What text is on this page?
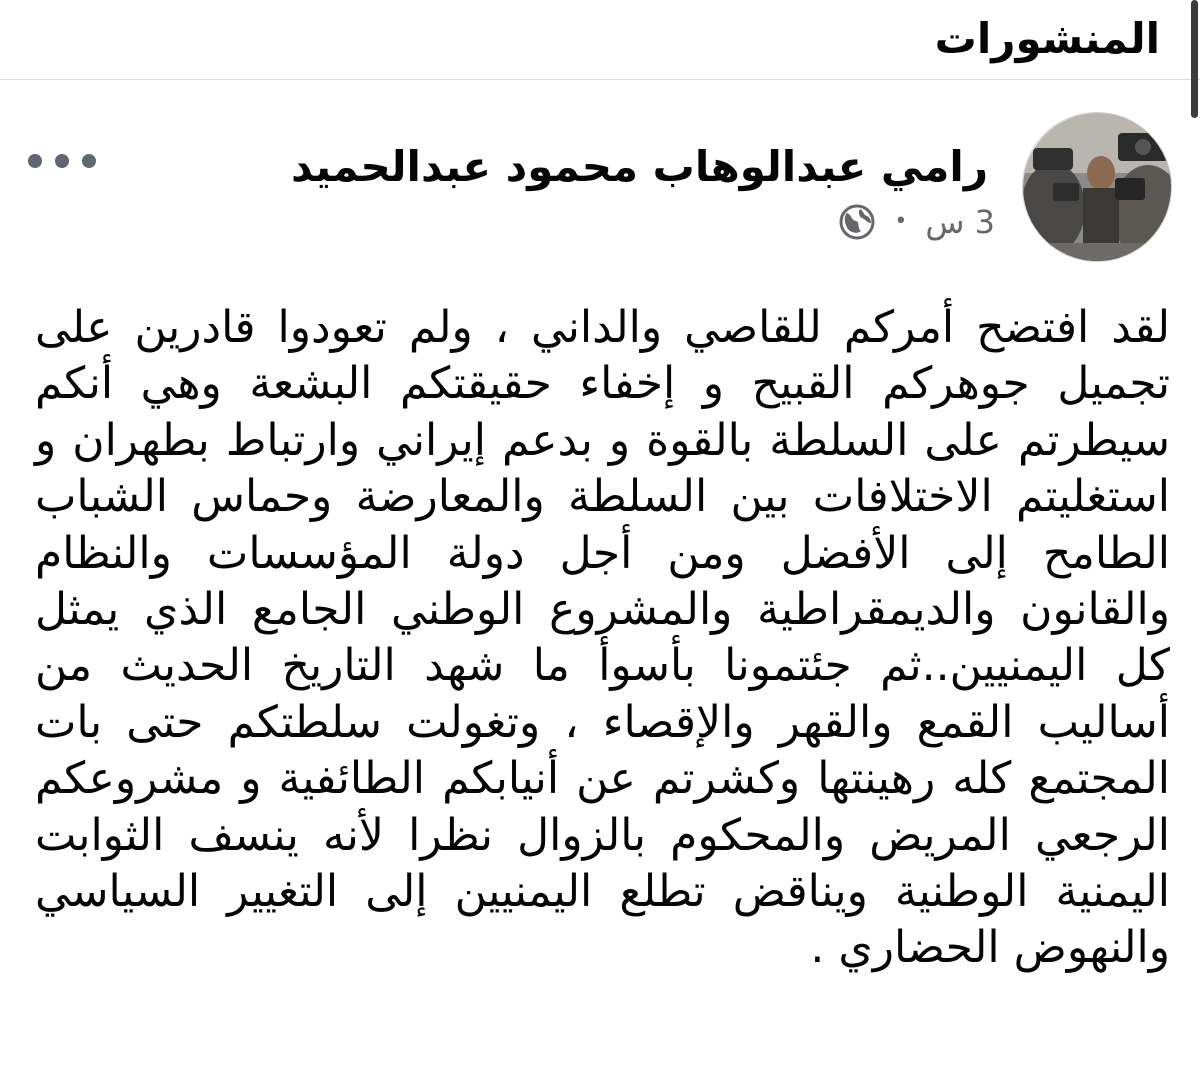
المنشورات
رامي عبدالوهاب محمود عبدالحميد
3 س
•
لقد افتضح أمركم للقاصي والداني ، ولم تعودوا قادرين على تجميل جوهركم القبيح و إخفاء حقيقتكم البشعة وهي أنكم سيطرتم على السلطة بالقوة و بدعم إيراني وارتباط بطهران و استغليتم الاختلافات بين السلطة والمعارضة وحماس الشباب الطامح إلى الأفضل ومن أجل دولة المؤسسات والنظام والقانون والديمقراطية والمشروع الوطني الجامع الذي يمثل كل اليمنيين..ثم جئتمونا بأسوأ ما شهد التاريخ الحديث من أساليب القمع والقهر والإقصاء ، وتغولت سلطتكم حتى بات المجتمع كله رهينتها وكشرتم عن أنيابكم الطائفية و مشروعكم الرجعي المريض والمحكوم بالزوال نظرا لأنه ينسف الثوابت اليمنية الوطنية ويناقض تطلع اليمنيين إلى التغيير السياسي والنهوض الحضاري .
